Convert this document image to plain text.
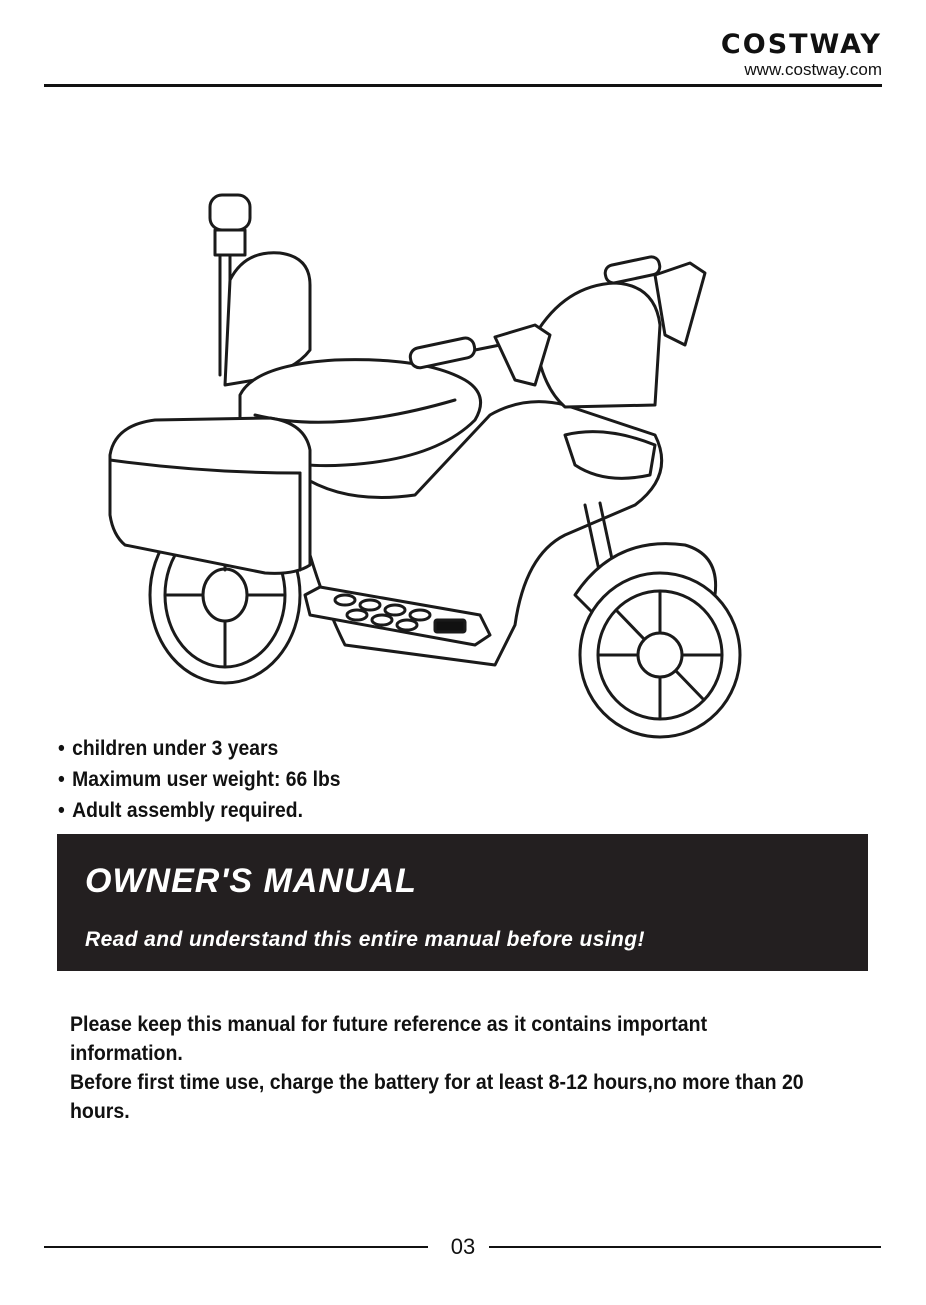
COSTWAY
www.costway.com
• children under 3 years
• Maximum user weight: 66 lbs
• Adult assembly required.
OWNER'S MANUAL
Read and understand this entire manual before using!

Please keep this manual for future reference as it contains important information.

Before first time use, charge the battery for at least 8-12 hours,no more than 20 hours.

03
